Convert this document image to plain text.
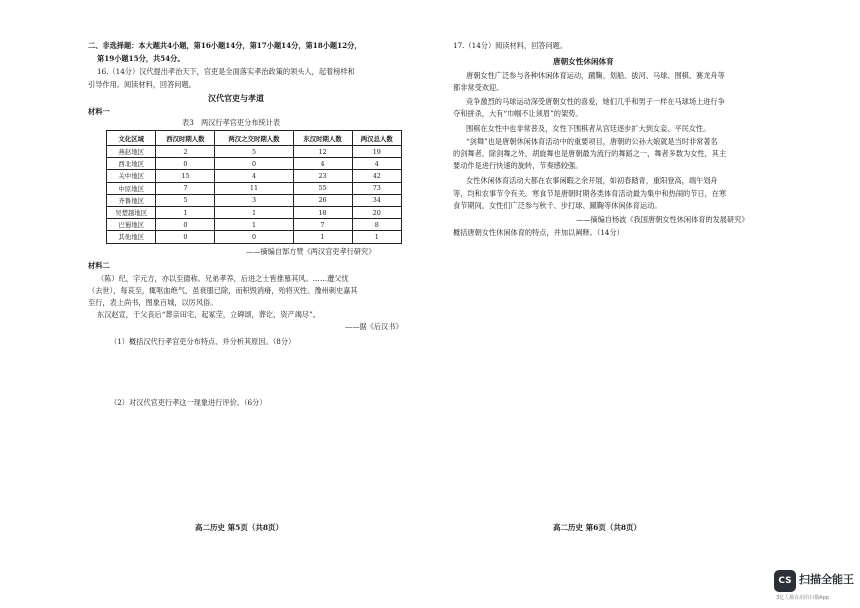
二、非选择题：本大题共4小题，第16小题14分，第17小题14分，第18小题12分，
第19小题15分，共54分。
16.（14分）汉代提出孝治天下，官吏是全面落实孝治政策的领头人，起着榜样和
引导作用。阅读材料，回答问题。
汉代官吏与孝道
材料一
表3　两汉行孝官吏分布统计表
文化区域	西汉时期人数	两汉之交时期人数	东汉时期人数	两汉总人数
燕赵地区	2	5	12	19
西北地区	0	0	4	4
关中地区	15	4	23	42
中原地区	7	11	55	73
齐鲁地区	5	3	26	34
吴楚越地区	1	1	18	20
巴蜀地区	0	1	7	8
其他地区	0	0	1	1
——摘编自郜方赞《两汉官吏孝行研究》
材料二
（陈）纪，字元方，亦以至德称。兄弟孝养，后进之士皆推慕其风。……遭父忧
（去世），每哀至，辄呕血绝气，虽衰服已除，而积毁消瘠，殆将灭性。豫州刺史嘉其
至行，表上尚书，图象百城，以厉风俗。
东汉赵宣，于父丧后“葬亲田宅，起冢茔，立碑颂，葬讫，资产竭尽”。
——据《后汉书》
（1）概括汉代行孝官吏分布特点、并分析其原因。（8分）
（2）对汉代官吏行孝这一现象进行评价。（6分）
高二历史 第5页（共8页）
17.（14分）阅读材料，回答问题。
唐朝女性休闲体育
唐朝女性广泛参与各种休闲体育运动，蹴鞠、划船、拔河、马球、围棋、赛龙舟等
都非常受欢迎。
竞争激烈的马球运动深受唐朝女性的喜爱，她们几乎和男子一样在马球场上进行争
夺和拼杀，大有“巾帼不让须眉”的架势。
围棋在女性中也非常普及，女性下围棋者从宫廷逐步扩大到女妾、平民女性。
“剑舞”也是唐朝休闲体育活动中的重要项目，唐朝的公孙大娘就是当时非常著名
的剑舞者。除剑舞之外，胡旋舞也是唐朝最为流行的舞蹈之一，舞者多数为女性，其主
要动作是进行快速的旋转，节奏感较强。
女性休闲体育活动大都在农事闲暇之余开展，如初春踏青，重阳登高，端午划舟
等，均和农事节令有关。寒食节是唐朝时期各类体育活动最为集中和热闹的节日，在寒
食节期间，女性们广泛参与秋千、步打球、蹴鞠等休闲体育运动。
——摘编自杨波《我国唐朝女性休闲体育的发展研究》
概括唐朝女性休闲体育的特点，并加以阐释。（14分）
高二历史 第6页（共8页）
CS 扫描全能王
3亿人都在用的扫描App
